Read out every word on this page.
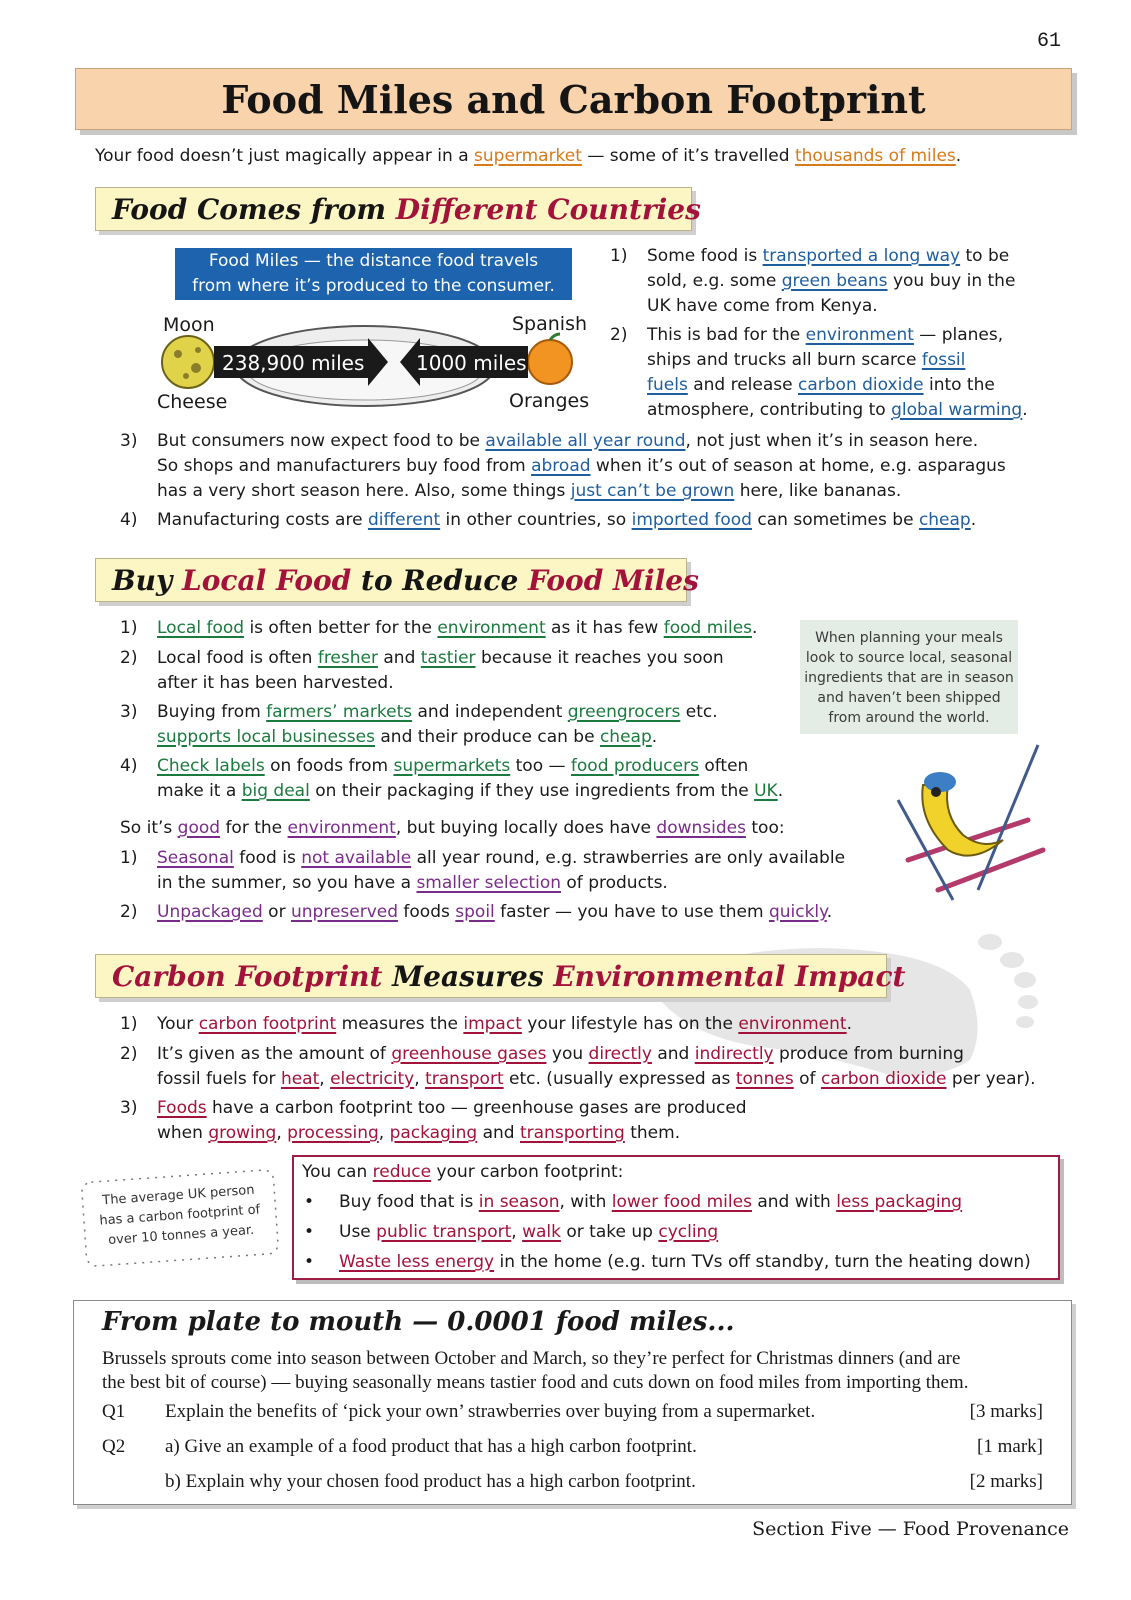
61
Food Miles and Carbon Footprint
Your food doesn’t just magically appear in a supermarket — some of it’s travelled thousands of miles.
Food Comes from Different Countries
Food Miles — the distance food travels
from where it’s produced to the consumer.
238,900 miles	1000 miles
Moon
Cheese
Spanish
Oranges
1) Some food is transported a long way to be
sold, e.g. some green beans you buy in the
UK have come from Kenya.
2) This is bad for the environment — planes,
ships and trucks all burn scarce fossil
fuels and release carbon dioxide into the
atmosphere, contributing to global warming.
3) But consumers now expect food to be available all year round, not just when it’s in season here.
So shops and manufacturers buy food from abroad when it’s out of season at home, e.g. asparagus
has a very short season here. Also, some things just can’t be grown here, like bananas.
4) Manufacturing costs are different in other countries, so imported food can sometimes be cheap.
Buy Local Food to Reduce Food Miles
When planning your meals
look to source local, seasonal
ingredients that are in season
and haven’t been shipped
from around the world.
1) Local food is often better for the environment as it has few food miles.
2) Local food is often fresher and tastier because it reaches you soon
after it has been harvested.
3) Buying from farmers’ markets and independent greengrocers etc.
supports local businesses and their produce can be cheap.
4) Check labels on foods from supermarkets too — food producers often
make it a big deal on their packaging if they use ingredients from the UK.
So it’s good for the environment, but buying locally does have downsides too:
1) Seasonal food is not available all year round, e.g. strawberries are only available
in the summer, so you have a smaller selection of products.
2) Unpackaged or unpreserved foods spoil faster — you have to use them quickly.
Carbon Footprint Measures Environmental Impact
1) Your carbon footprint measures the impact your lifestyle has on the environment.
2) It’s given as the amount of greenhouse gases you directly and indirectly produce from burning
fossil fuels for heat, electricity, transport etc. (usually expressed as tonnes of carbon dioxide per year).
3) Foods have a carbon footprint too — greenhouse gases are produced
when growing, processing, packaging and transporting them.
The average UK person
has a carbon footprint of
over 10 tonnes a year.
You can reduce your carbon footprint:
• Buy food that is in season, with lower food miles and with less packaging
• Use public transport, walk or take up cycling
• Waste less energy in the home (e.g. turn TVs off standby, turn the heating down)
From plate to mouth — 0.0001 food miles...
Brussels sprouts come into season between October and March, so they’re perfect for Christmas dinners (and are
the best bit of course) — buying seasonally means tastier food and cuts down on food miles from importing them.
Q1 Explain the benefits of ‘pick your own’ strawberries over buying from a supermarket.	[3 marks]
Q2 a) Give an example of a food product that has a high carbon footprint.	[1 mark]
b) Explain why your chosen food product has a high carbon footprint.	[2 marks]
Section Five — Food Provenance
